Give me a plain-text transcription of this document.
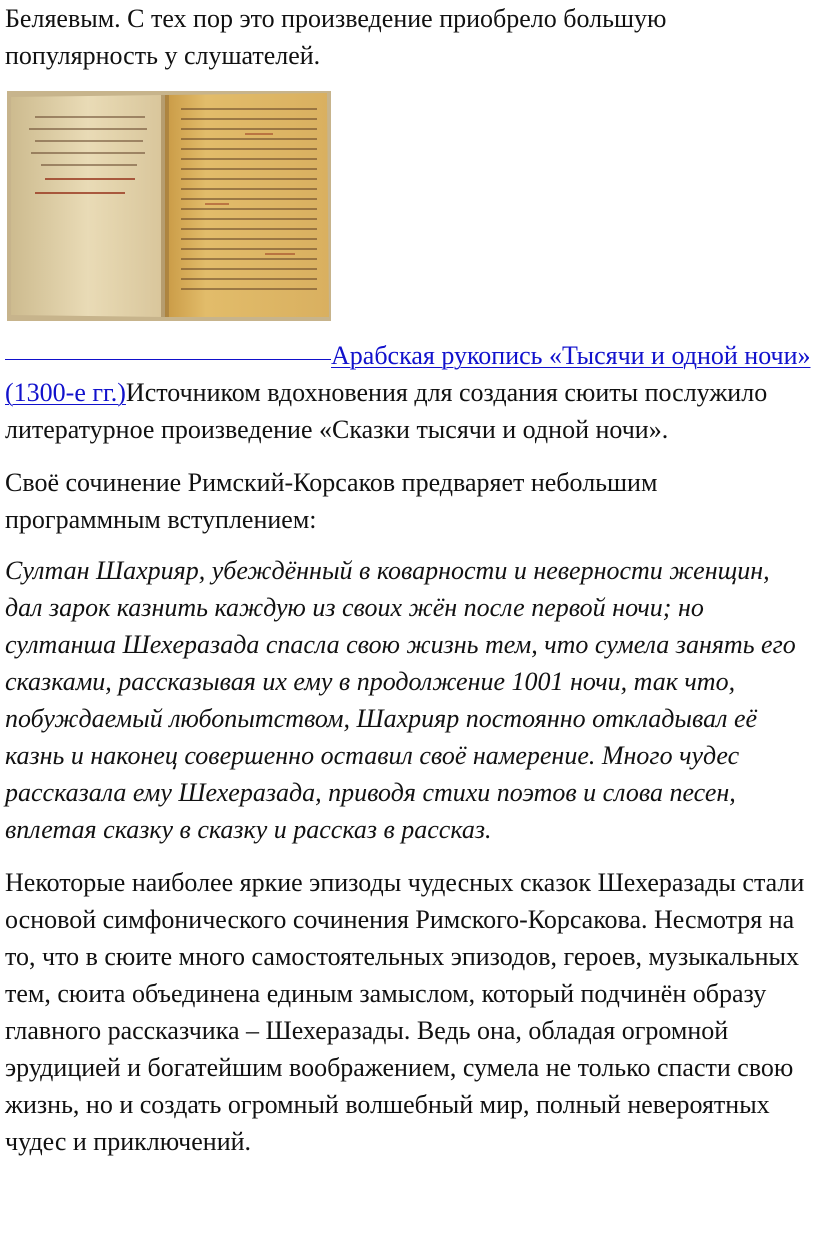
Беляевым. С тех пор это произведение приобрело большую популярность у слушателей.

Арабская рукопись «Тысячи и одной ночи» (1300-е гг.)Источником вдохновения для создания сюиты послужило литературное произведение «Сказки тысячи и одной ночи».

Своё сочинение Римский-Корсаков предваряет небольшим программным вступлением:

Султан Шахрияр, убеждённый в коварности и неверности женщин, дал зарок казнить каждую из своих жён после первой ночи; но султанша Шехеразада спасла свою жизнь тем, что сумела занять его сказками, рассказывая их ему в продолжение 1001 ночи, так что, побуждаемый любопытством, Шахрияр постоянно откладывал её казнь и наконец совершенно оставил своё намерение. Много чудес рассказала ему Шехеразада, приводя стихи поэтов и слова песен, вплетая сказку в сказку и рассказ в рассказ.

Некоторые наиболее яркие эпизоды чудесных сказок Шехеразады стали основой симфонического сочинения Римского-Корсакова. Несмотря на то, что в сюите много самостоятельных эпизодов, героев, музыкальных тем, сюита объединена единым замыслом, который подчинён образу главного рассказчика – Шехеразады. Ведь она, обладая огромной эрудицией и богатейшим воображением, сумела не только спасти свою жизнь, но и создать огромный волшебный мир, полный невероятных чудес и приключений.
